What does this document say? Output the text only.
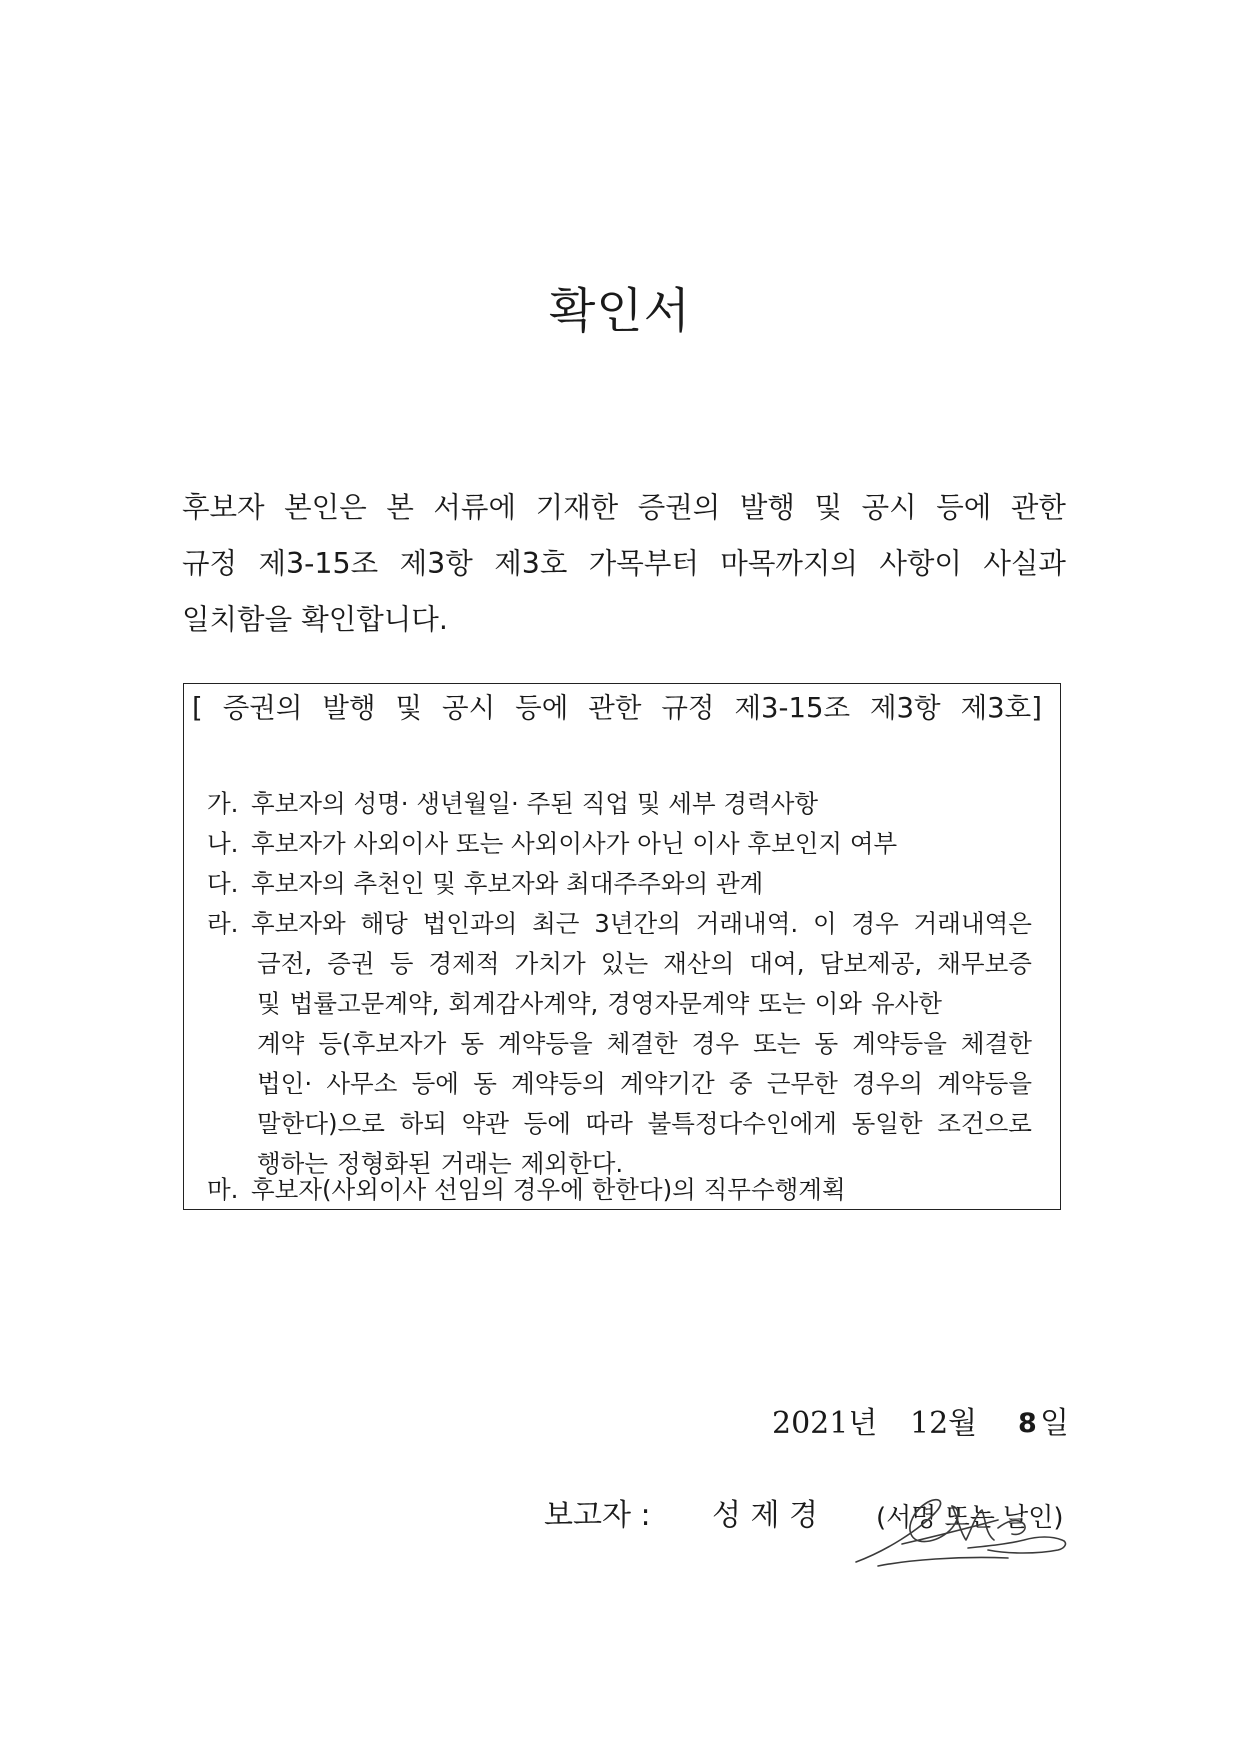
확인서
후보자 본인은 본 서류에 기재한 증권의 발행 및 공시 등에 관한
규정 제3-15조 제3항 제3호 가목부터 마목까지의 사항이 사실과
일치함을
확인합니다.
[ 증권의 발행 및 공시 등에 관한 규정 제3-15조 제3항 제3호]
가. 후보자의 성명· 생년월일· 주된 직업 및 세부 경력사항
나. 후보자가 사외이사 또는 사외이사가 아닌 이사 후보인지 여부
다. 후보자의 추천인 및 후보자와 최대주주와의 관계
라. 후보자와 해당 법인과의 최근 3년간의 거래내역. 이 경우 거래내역은
금전, 증권 등 경제적 가치가 있는 재산의 대여, 담보제공, 채무보증
및 법률고문계약, 회계감사계약, 경영자문계약 또는 이와 유사한
계약 등(후보자가 동 계약등을 체결한 경우 또는 동 계약등을 체결한
법인· 사무소 등에 동 계약등의 계약기간 중 근무한 경우의 계약등을
말한다)으로 하되 약관 등에 따라 불특정다수인에게 동일한 조건으로
행하는 정형화된 거래는 제외한다.
마. 후보자(사외이사 선임의 경우에 한한다)의 직무수행계획
2021년 12월 8 일
보고자 : 성 제 경 (서명 또는 날인)
